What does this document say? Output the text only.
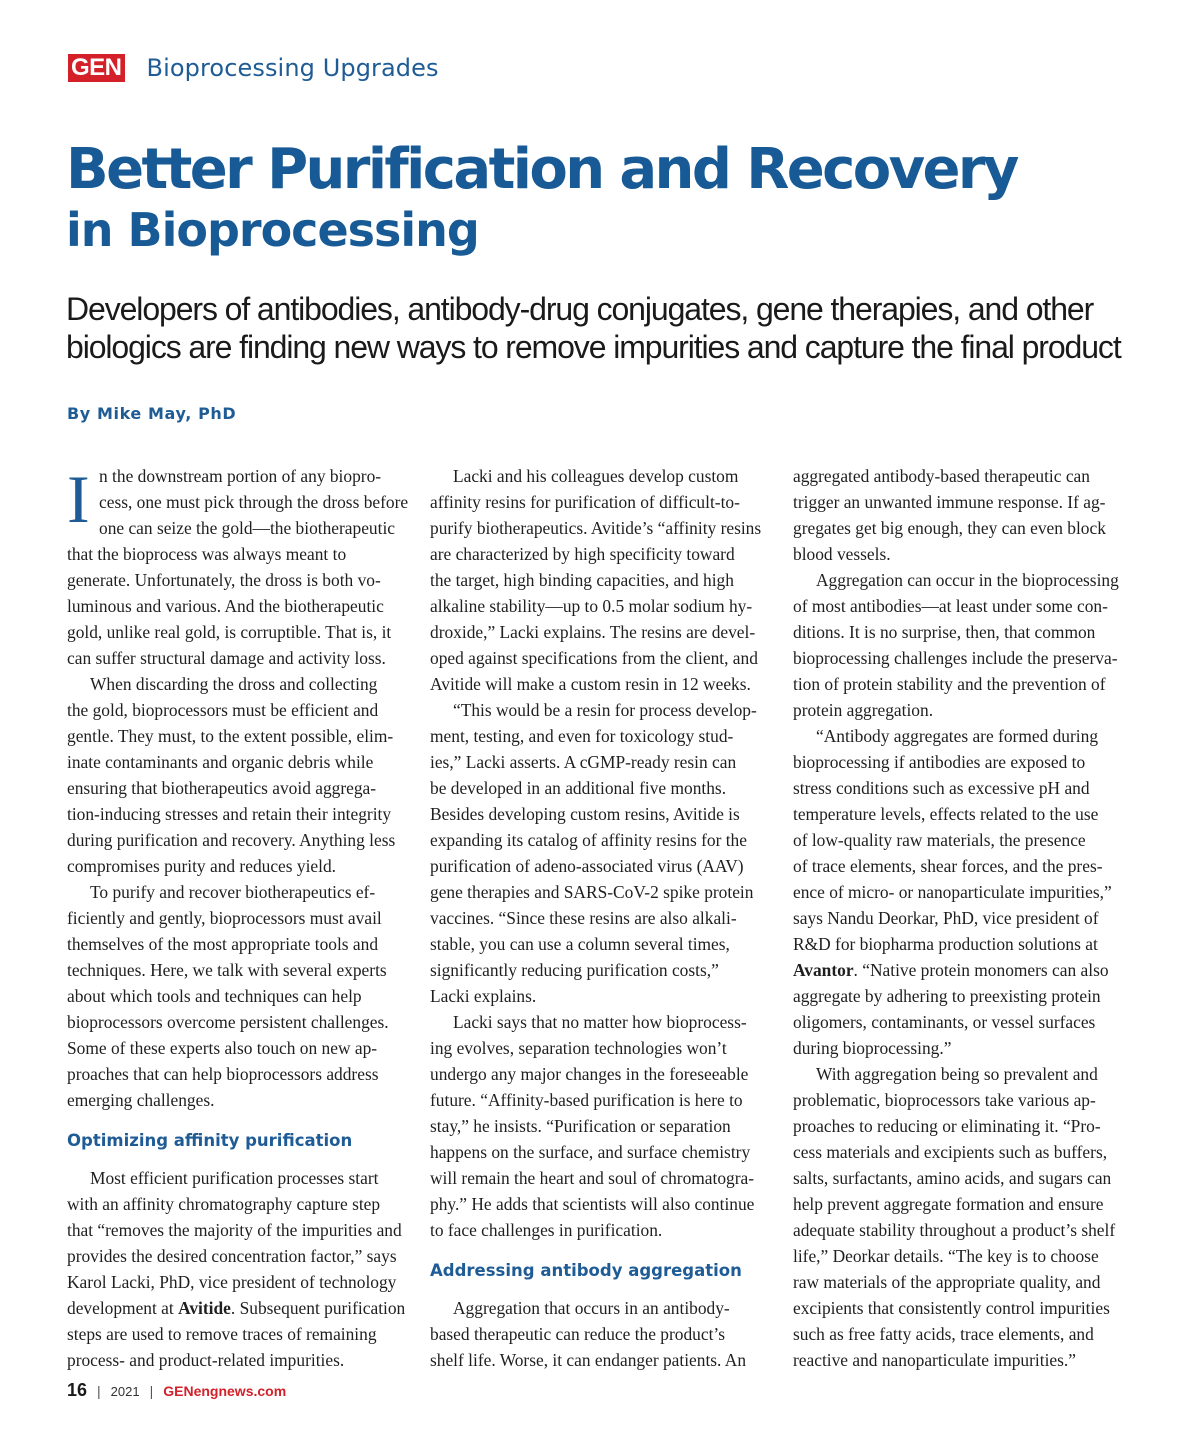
GEN Bioprocessing Upgrades
Better Purification and Recovery
in Bioprocessing
Developers of antibodies, antibody-drug conjugates, gene therapies, and other
biologics are finding new ways to remove impurities and capture the final product
By Mike May, PhD
I n the downstream portion of any biopro-
cess, one must pick through the dross before
one can seize the gold—the biotherapeutic
that the bioprocess was always meant to
generate. Unfortunately, the dross is both vo-
luminous and various. And the biotherapeutic
gold, unlike real gold, is corruptible. That is, it
can suffer structural damage and activity loss.
When discarding the dross and collecting
the gold, bioprocessors must be efficient and
gentle. They must, to the extent possible, elim-
inate contaminants and organic debris while
ensuring that biotherapeutics avoid aggrega-
tion-inducing stresses and retain their integrity
during purification and recovery. Anything less
compromises purity and reduces yield.
To purify and recover biotherapeutics ef-
ficiently and gently, bioprocessors must avail
themselves of the most appropriate tools and
techniques. Here, we talk with several experts
about which tools and techniques can help
bioprocessors overcome persistent challenges.
Some of these experts also touch on new ap-
proaches that can help bioprocessors address
emerging challenges.
Optimizing affinity purification
Most efficient purification processes start
with an affinity chromatography capture step
that “removes the majority of the impurities and
provides the desired concentration factor,” says
Karol Lacki, PhD, vice president of technology
development at Avitide. Subsequent purification
steps are used to remove traces of remaining
process- and product-related impurities.
Lacki and his colleagues develop custom
affinity resins for purification of difficult-to-
purify biotherapeutics. Avitide’s “affinity resins
are characterized by high specificity toward
the target, high binding capacities, and high
alkaline stability—up to 0.5 molar sodium hy-
droxide,” Lacki explains. The resins are devel-
oped against specifications from the client, and
Avitide will make a custom resin in 12 weeks.
“This would be a resin for process develop-
ment, testing, and even for toxicology stud-
ies,” Lacki asserts. A cGMP-ready resin can
be developed in an additional five months.
Besides developing custom resins, Avitide is
expanding its catalog of affinity resins for the
purification of adeno-associated virus (AAV)
gene therapies and SARS-CoV-2 spike protein
vaccines. “Since these resins are also alkali-
stable, you can use a column several times,
significantly reducing purification costs,”
Lacki explains.
Lacki says that no matter how bioprocess-
ing evolves, separation technologies won’t
undergo any major changes in the foreseeable
future. “Affinity-based purification is here to
stay,” he insists. “Purification or separation
happens on the surface, and surface chemistry
will remain the heart and soul of chromatogra-
phy.” He adds that scientists will also continue
to face challenges in purification.
Addressing antibody aggregation
Aggregation that occurs in an antibody-
based therapeutic can reduce the product’s
shelf life. Worse, it can endanger patients. An
aggregated antibody-based therapeutic can
trigger an unwanted immune response. If ag-
gregates get big enough, they can even block
blood vessels.
Aggregation can occur in the bioprocessing
of most antibodies—at least under some con-
ditions. It is no surprise, then, that common
bioprocessing challenges include the preserva-
tion of protein stability and the prevention of
protein aggregation.
“Antibody aggregates are formed during
bioprocessing if antibodies are exposed to
stress conditions such as excessive pH and
temperature levels, effects related to the use
of low-quality raw materials, the presence
of trace elements, shear forces, and the pres-
ence of micro- or nanoparticulate impurities,”
says Nandu Deorkar, PhD, vice president of
R&D for biopharma production solutions at
Avantor. “Native protein monomers can also
aggregate by adhering to preexisting protein
oligomers, contaminants, or vessel surfaces
during bioprocessing.”
With aggregation being so prevalent and
problematic, bioprocessors take various ap-
proaches to reducing or eliminating it. “Pro-
cess materials and excipients such as buffers,
salts, surfactants, amino acids, and sugars can
help prevent aggregate formation and ensure
adequate stability throughout a product’s shelf
life,” Deorkar details. “The key is to choose
raw materials of the appropriate quality, and
excipients that consistently control impurities
such as free fatty acids, trace elements, and
reactive and nanoparticulate impurities.”
16 | 2021 | GENengnews.com
